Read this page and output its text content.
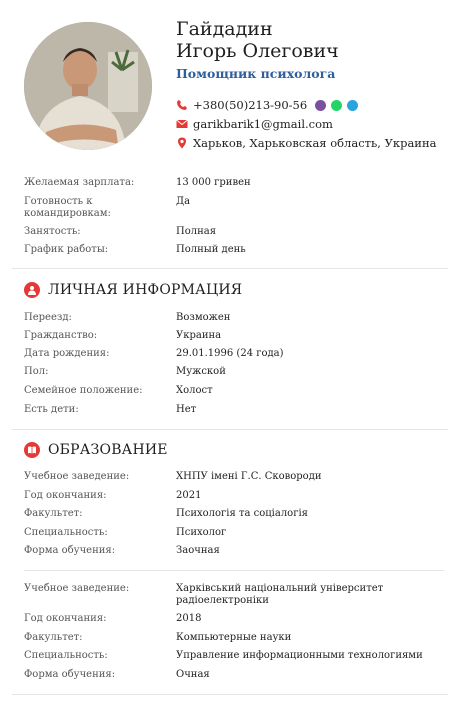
Гайдадин
Игорь Олегович
Помощник психолога
+380(50)213-90-56
garikbarik1@gmail.com
Харьков, Харьковская область, Украина
Желаемая зарплата:	13 000 гривен
Готовность к командировкам:
Да
Занятость:	Полная
График работы:	Полный день
ЛИЧНАЯ ИНФОРМАЦИЯ
Переезд:	Возможен
Гражданство:	Украина
Дата рождения:	29.01.1996 (24 года)
Пол:	Мужской
Семейное положение:	Холост
Есть дети:	Нет
ОБРАЗОВАНИЕ
Учебное заведение:	ХНПУ імені Г.С. Сковороди
Год окончания:	2021
Факультет:	Психологія та соціалогія
Специальность:	Психолог
Форма обучения:	Заочная
Учебное заведение:	Харківський національний університет радіоелектроніки
Год окончания:	2018
Факультет:	Компьютерные науки
Специальность:	Управление информационными технологиями
Форма обучения:	Очная
